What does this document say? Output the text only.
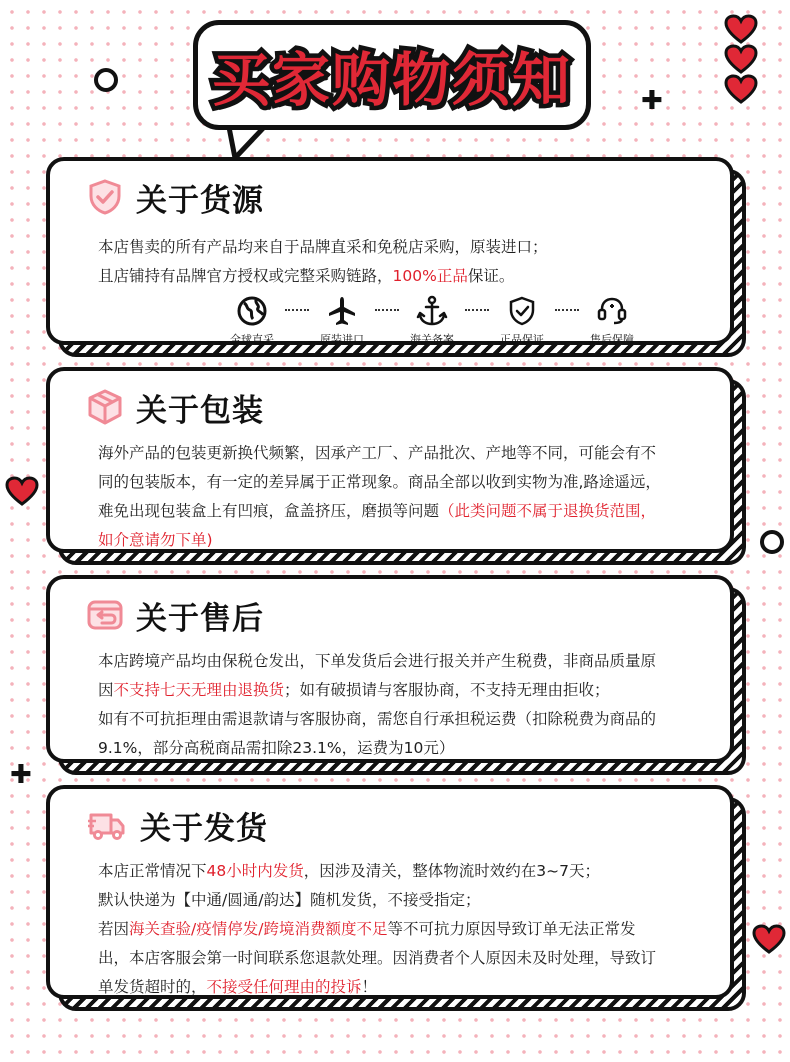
✚
✚
买家购物须知
关于货源

本店售卖的所有产品均来自于品牌直采和免税店采购，原装进口；

且店铺持有品牌官方授权或完整采购链路，100%正品保证。

全球直采	原装进口	海关备案	正品保证	售后保障
关于包装

海外产品的包装更新换代频繁，因承产工厂、产品批次、产地等不同，可能会有不

同的包装版本，有一定的差异属于正常现象。商品全部以收到实物为准,路途遥远，

难免出现包装盒上有凹痕，盒盖挤压，磨损等问题（此类问题不属于退换货范围，

如介意请勿下单)

关于售后

本店跨境产品均由保税仓发出，下单发货后会进行报关并产生税费，非商品质量原

因不支持七天无理由退换货；如有破损请与客服协商，不支持无理由拒收；

如有不可抗拒理由需退款请与客服协商，需您自行承担税运费（扣除税费为商品的

9.1%，部分高税商品需扣除23.1%，运费为10元）

关于发货

本店正常情况下48小时内发货，因涉及清关，整体物流时效约在3~7天；

默认快递为【中通/圆通/韵达】随机发货，不接受指定；

若因海关查验/疫情停发/跨境消费额度不足等不可抗力原因导致订单无法正常发

出，本店客服会第一时间联系您退款处理。因消费者个人原因未及时处理，导致订

单发货超时的，不接受任何理由的投诉！
